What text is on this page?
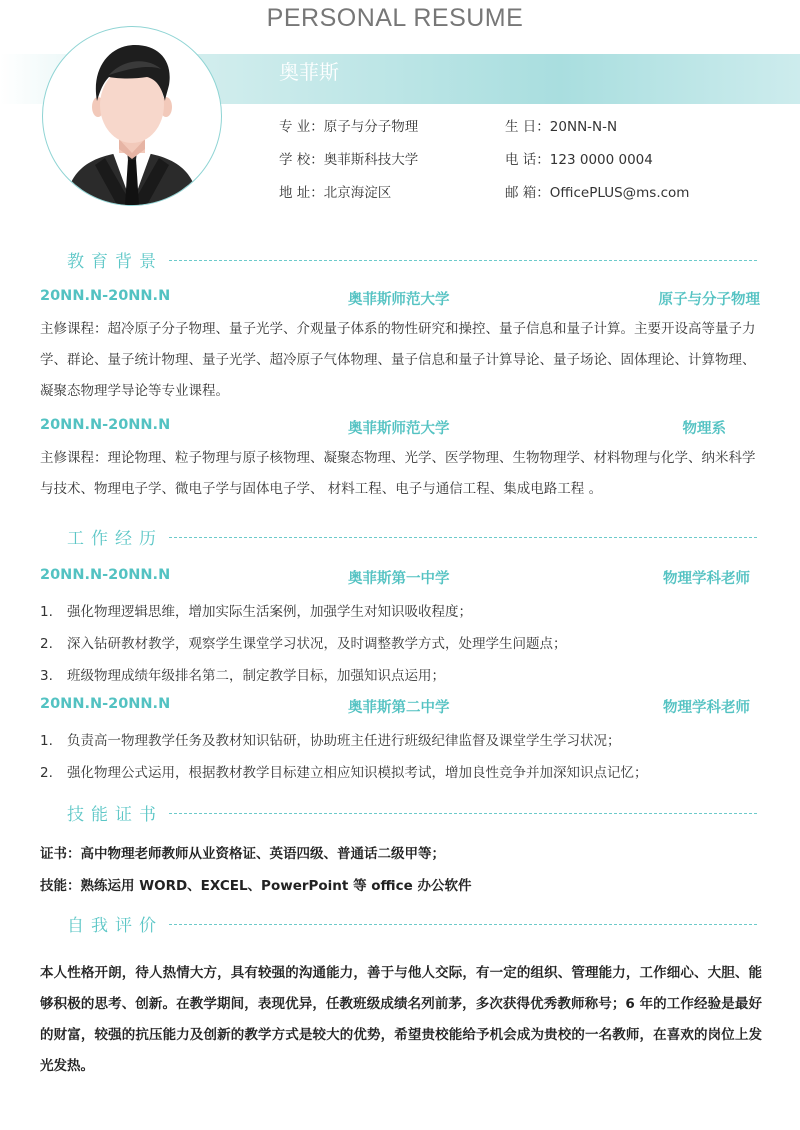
PERSONAL RESUME
奥菲斯
专 业：原子与分子物理	生 日：20NN-N-N
学 校：奥菲斯科技大学	电 话：123 0000 0004
地 址：北京海淀区	邮 箱：OfficePLUS@ms.com
教育背景
20NN.N-20NN.N	奥菲斯师范大学	原子与分子物理
主修课程：超冷原子分子物理、量子光学、介观量子体系的物性研究和操控、量子信息和量子计算。主要开设高等量子力学、群论、量子统计物理、量子光学、超冷原子气体物理、量子信息和量子计算导论、量子场论、固体理论、计算物理、凝聚态物理学导论等专业课程。
20NN.N-20NN.N	奥菲斯师范大学	物理系
主修课程：理论物理、粒子物理与原子核物理、凝聚态物理、光学、医学物理、生物物理学、材料物理与化学、纳米科学与技术、物理电子学、微电子学与固体电子学、 材料工程、电子与通信工程、集成电路工程 。
工作经历
20NN.N-20NN.N	奥菲斯第一中学	物理学科老师
1. 强化物理逻辑思维，增加实际生活案例，加强学生对知识吸收程度；
2. 深入钻研教材教学，观察学生课堂学习状况，及时调整教学方式，处理学生问题点；
3. 班级物理成绩年级排名第二，制定教学目标，加强知识点运用；
20NN.N-20NN.N	奥菲斯第二中学	物理学科老师
1. 负责高一物理教学任务及教材知识钻研，协助班主任进行班级纪律监督及课堂学生学习状况；
2. 强化物理公式运用，根据教材教学目标建立相应知识模拟考试，增加良性竞争并加深知识点记忆；
技能证书
证书：高中物理老师教师从业资格证、英语四级、普通话二级甲等；
技能：熟练运用 WORD、EXCEL、PowerPoint 等 office 办公软件
自我评价
本人性格开朗，待人热情大方，具有较强的沟通能力，善于与他人交际，有一定的组织、管理能力，工作细心、大胆、能够积极的思考、创新。在教学期间，表现优异，任教班级成绩名列前茅，多次获得优秀教师称号；6 年的工作经验是最好的财富，较强的抗压能力及创新的教学方式是较大的优势，希望贵校能给予机会成为贵校的一名教师，在喜欢的岗位上发光发热。
